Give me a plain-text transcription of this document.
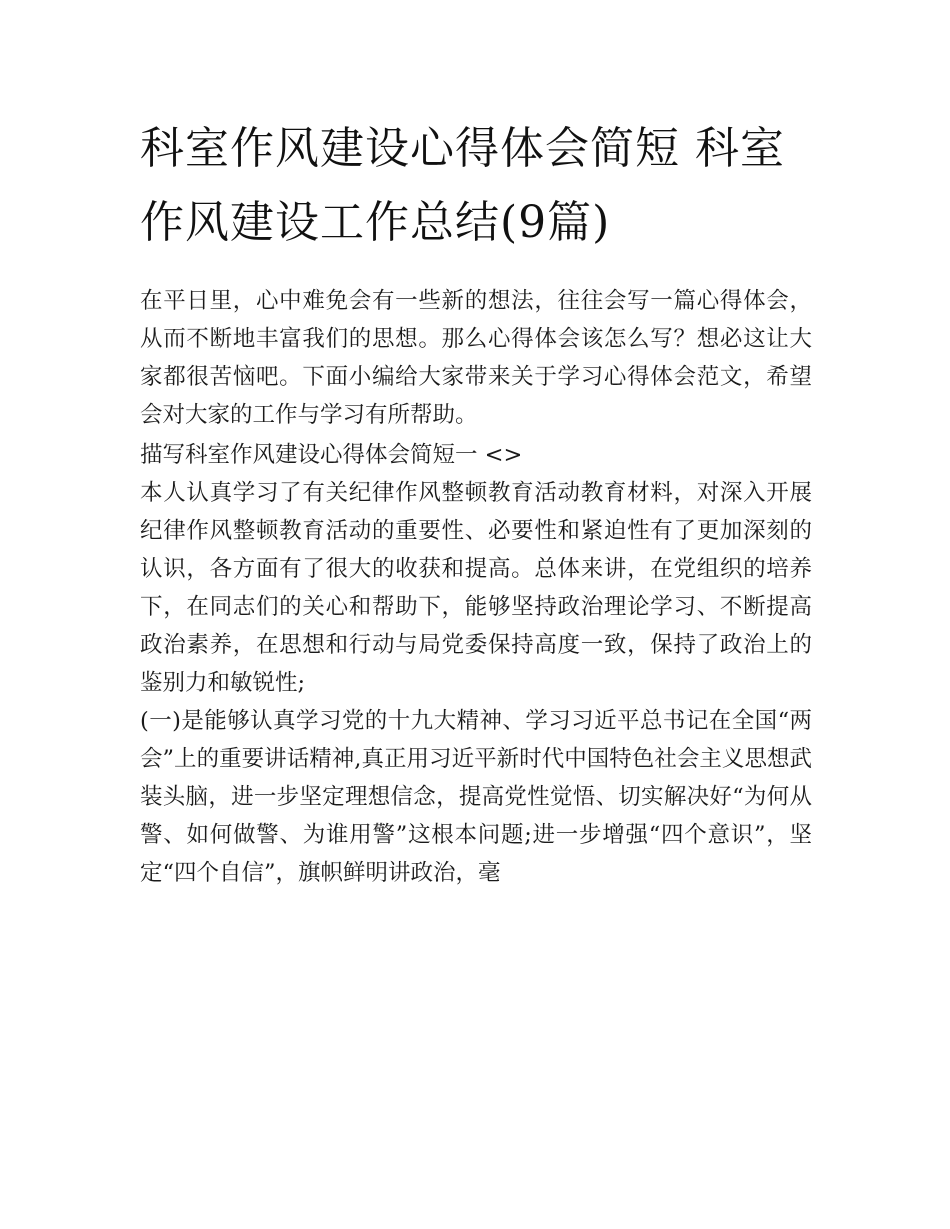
科室作风建设心得体会简短 科室作风建设工作总结(9篇)

在平日里，心中难免会有一些新的想法，往往会写一篇心得体会，从而不断地丰富我们的思想。那么心得体会该怎么写？想必这让大家都很苦恼吧。下面小编给大家带来关于学习心得体会范文，希望会对大家的工作与学习有所帮助。

描写科室作风建设心得体会简短一 <>

本人认真学习了有关纪律作风整顿教育活动教育材料，对深入开展纪律作风整顿教育活动的重要性、必要性和紧迫性有了更加深刻的认识，各方面有了很大的收获和提高。总体来讲，在党组织的培养下，在同志们的关心和帮助下，能够坚持政治理论学习、不断提高政治素养，在思想和行动与局党委保持高度一致，保持了政治上的鉴别力和敏锐性;

(一)是能够认真学习党的十九大精神、学习习近平总书记在全国“两会”上的重要讲话精神,真正用习近平新时代中国特色社会主义思想武装头脑，进一步坚定理想信念，提高党性觉悟、切实解决好“为何从警、如何做警、为谁用警”这根本问题;进一步增强“四个意识”，坚定“四个自信”，旗帜鲜明讲政治，毫
